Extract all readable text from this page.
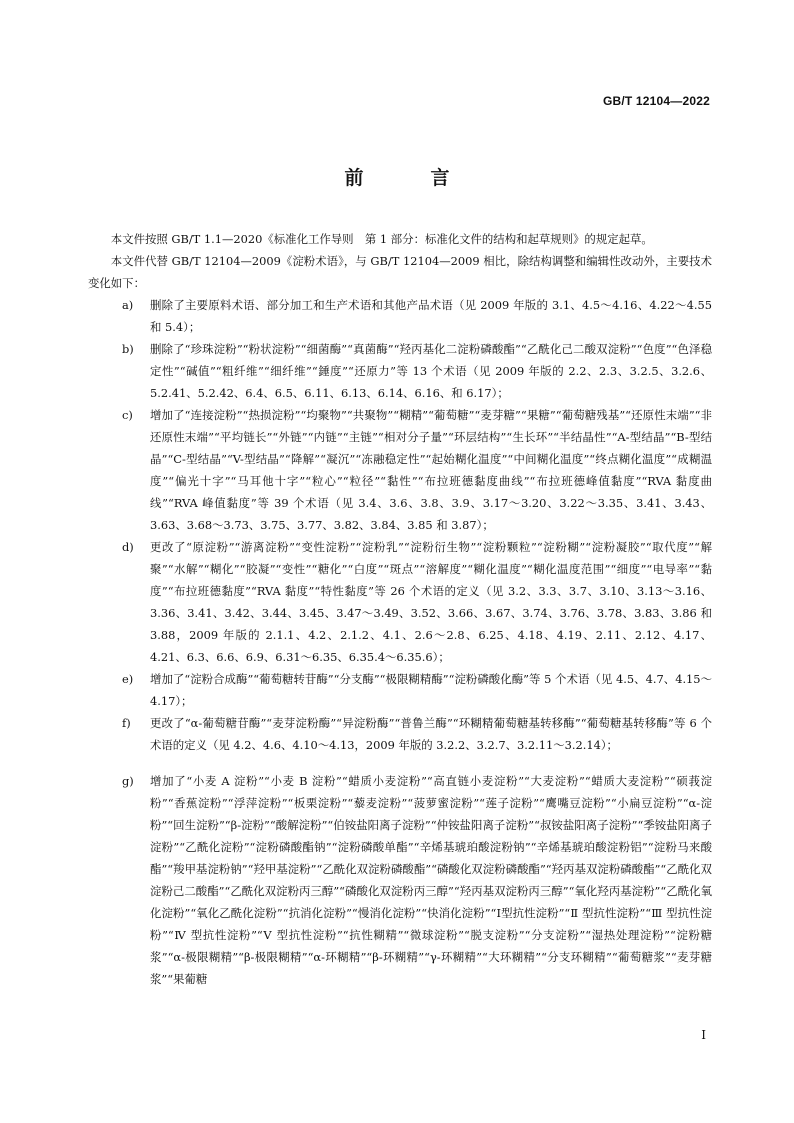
GB/T 12104—2022
前　言

本文件按照 GB/T 1.1—2020《标准化工作导则　第 1 部分：标准化文件的结构和起草规则》的规定起草。

本文件代替 GB/T 12104—2009《淀粉术语》，与 GB/T 12104—2009 相比，除结构调整和编辑性改动外，主要技术变化如下：

a) 删除了主要原料术语、部分加工和生产术语和其他产品术语（见 2009 年版的 3.1、4.5～4.16、4.22～4.55 和 5.4）；
b) 删除了“珍珠淀粉”“粉状淀粉”“细菌酶”“真菌酶”“羟丙基化二淀粉磷酸酯”“乙酰化己二酸双淀粉”“色度”“色泽稳定性”“碱值”“粗纤维”“细纤维”“錘度”“还原力”等 13 个术语（见 2009 年版的 2.2、2.3、3.2.5、3.2.6、5.2.41、5.2.42、6.4、6.5、6.11、6.13、6.14、6.16、和 6.17）；
c) 增加了“连接淀粉”“热损淀粉”“均聚物”“共聚物”“糊精”“葡萄糖”“麦芽糖”“果糖”“葡萄糖残基”“还原性末端”“非还原性末端”“平均链长”“外链”“内链”“主链”“相对分子量”“环层结构”“生长环”“半结晶性”“A-型结晶”“B-型结晶”“C-型结晶”“V-型结晶”“降解”“凝沉”“冻融稳定性”“起始糊化温度”“中间糊化温度”“终点糊化温度”“成糊温度”“偏光十字”“马耳他十字”“粒心”“粒径”“黏性”“布拉班德黏度曲线”“布拉班德峰值黏度”“RVA 黏度曲线”“RVA 峰值黏度”等 39 个术语（见 3.4、3.6、3.8、3.9、3.17～3.20、3.22～3.35、3.41、3.43、3.63、3.68～3.73、3.75、3.77、3.82、3.84、3.85 和 3.87）；
d) 更改了“原淀粉”“游离淀粉”“变性淀粉”“淀粉乳”“淀粉衍生物”“淀粉颗粒”“淀粉糊”“淀粉凝胶”“取代度”“解聚”“水解”“糊化”“胶凝”“变性”“糖化”“白度”“斑点”“溶解度”“糊化温度”“糊化温度范围”“细度”“电导率”“黏度”“布拉班德黏度”“RVA 黏度”“特性黏度”等 26 个术语的定义（见 3.2、3.3、3.7、3.10、3.13～3.16、3.36、3.41、3.42、3.44、3.45、3.47～3.49、3.52、3.66、3.67、3.74、3.76、3.78、3.83、3.86 和 3.88，2009 年版的 2.1.1、4.2、2.1.2、4.1、2.6～2.8、6.25、4.18、4.19、2.11、2.12、4.17、4.21、6.3、6.6、6.9、6.31～6.35、6.35.4～6.35.6）；
e) 增加了“淀粉合成酶”“葡萄糖转苷酶”“分支酶”“极限糊精酶”“淀粉磷酸化酶”等 5 个术语（见 4.5、4.7、4.15～4.17）；
f) 更改了“α-葡萄糖苷酶”“麦芽淀粉酶”“异淀粉酶”“普鲁兰酶”“环糊精葡萄糖基转移酶”“葡萄糖基转移酶”等 6 个术语的定义（见 4.2、4.6、4.10～4.13，2009 年版的 3.2.2、3.2.7、3.2.11～3.2.14）；
g) 增加了“小麦 A 淀粉”“小麦 B 淀粉”“蜡质小麦淀粉”“高直链小麦淀粉”“大麦淀粉”“蜡质大麦淀粉”“硕莪淀粉”“香蕉淀粉”“浮萍淀粉”“板栗淀粉”“藜麦淀粉”“菠萝蜜淀粉”“莲子淀粉”“鹰嘴豆淀粉”“小扁豆淀粉”“α-淀粉”“回生淀粉”“β-淀粉”“酸解淀粉”“伯铵盐阳离子淀粉”“仲铵盐阳离子淀粉”“叔铵盐阳离子淀粉”“季铵盐阳离子淀粉”“乙酰化淀粉”“淀粉磷酸酯钠”“淀粉磷酸单酯”“辛烯基琥珀酸淀粉钠”“辛烯基琥珀酸淀粉铝”“淀粉马来酸酯”“羧甲基淀粉钠”“羟甲基淀粉”“乙酰化双淀粉磷酸酯”“磷酸化双淀粉磷酸酯”“羟丙基双淀粉磷酸酯”“乙酰化双淀粉己二酸酯”“乙酰化双淀粉丙三醇”“磷酸化双淀粉丙三醇”“羟丙基双淀粉丙三醇”“氧化羟丙基淀粉”“乙酰化氧化淀粉”“氧化乙酰化淀粉”“抗消化淀粉”“慢消化淀粉”“快消化淀粉”“Ⅰ型抗性淀粉”“Ⅱ 型抗性淀粉”“Ⅲ 型抗性淀粉”“Ⅳ 型抗性淀粉”“Ⅴ 型抗性淀粉”“抗性糊精”“微球淀粉”“脱支淀粉”“分支淀粉”“湿热处理淀粉”“淀粉糖浆”“α-极限糊精”“β-极限糊精”“α-环糊精”“β-环糊精”“γ-环糊精”“大环糊精”“分支环糊精”“葡萄糖浆”“麦芽糖浆”“果葡糖
Ⅰ
